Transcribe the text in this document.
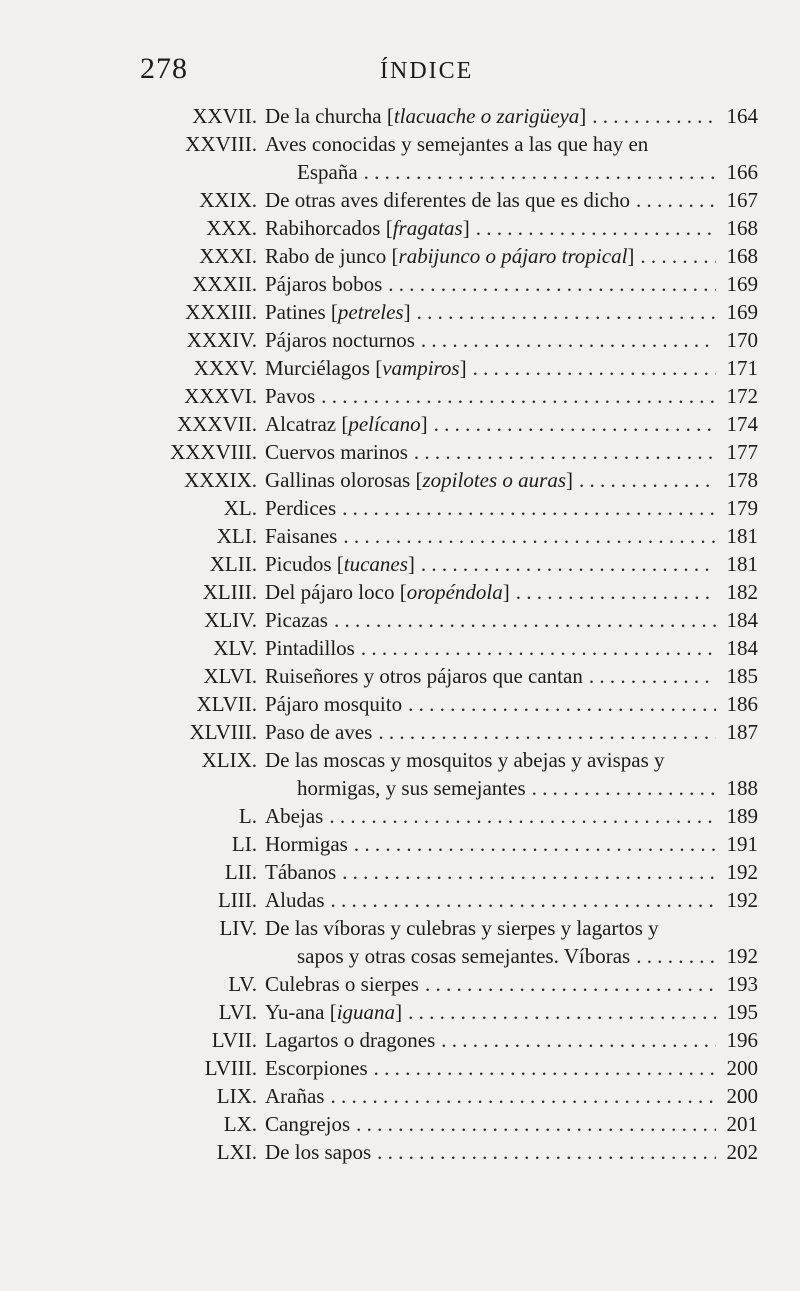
278	ÍNDICE
XXVII. De la churcha [tlacuache o zarigüeya] . . .	164
XXVIII. Aves conocidas y semejantes a las que hay en
España . . .	166
XXIX. De otras aves diferentes de las que es dicho . . .	167
XXX. Rabihorcados [fragatas] . . .	168
XXXI. Rabo de junco [rabijunco o pájaro tropical] . . .	168
XXXII. Pájaros bobos . . .	169
XXXIII. Patines [petreles] . . .	169
XXXIV. Pájaros nocturnos . . .	170
XXXV. Murciélagos [vampiros] . . .	171
XXXVI. Pavos . . .	172
XXXVII. Alcatraz [pelícano] . . .	174
XXXVIII. Cuervos marinos . . .	177
XXXIX. Gallinas olorosas [zopilotes o auras] . . .	178
XL. Perdices . . .	179
XLI. Faisanes . . .	181
XLII. Picudos [tucanes] . . .	181
XLIII. Del pájaro loco [oropéndola] . . .	182
XLIV. Picazas . . .	184
XLV. Pintadillos . . .	184
XLVI. Ruiseñores y otros pájaros que cantan . . .	185
XLVII. Pájaro mosquito . . .	186
XLVIII. Paso de aves . . .	187
XLIX. De las moscas y mosquitos y abejas y avispas y
hormigas, y sus semejantes . . .	188
L. Abejas . . .	189
LI. Hormigas . . .	191
LII. Tábanos . . .	192
LIII. Aludas . . .	192
LIV. De las víboras y culebras y sierpes y lagartos y
sapos y otras cosas semejantes. Víboras . . .	192
LV. Culebras o sierpes . . .	193
LVI. Yu-ana [iguana] . . .	195
LVII. Lagartos o dragones . . .	196
LVIII. Escorpiones . . .	200
LIX. Arañas . . .	200
LX. Cangrejos . . .	201
LXI. De los sapos . . .	202
